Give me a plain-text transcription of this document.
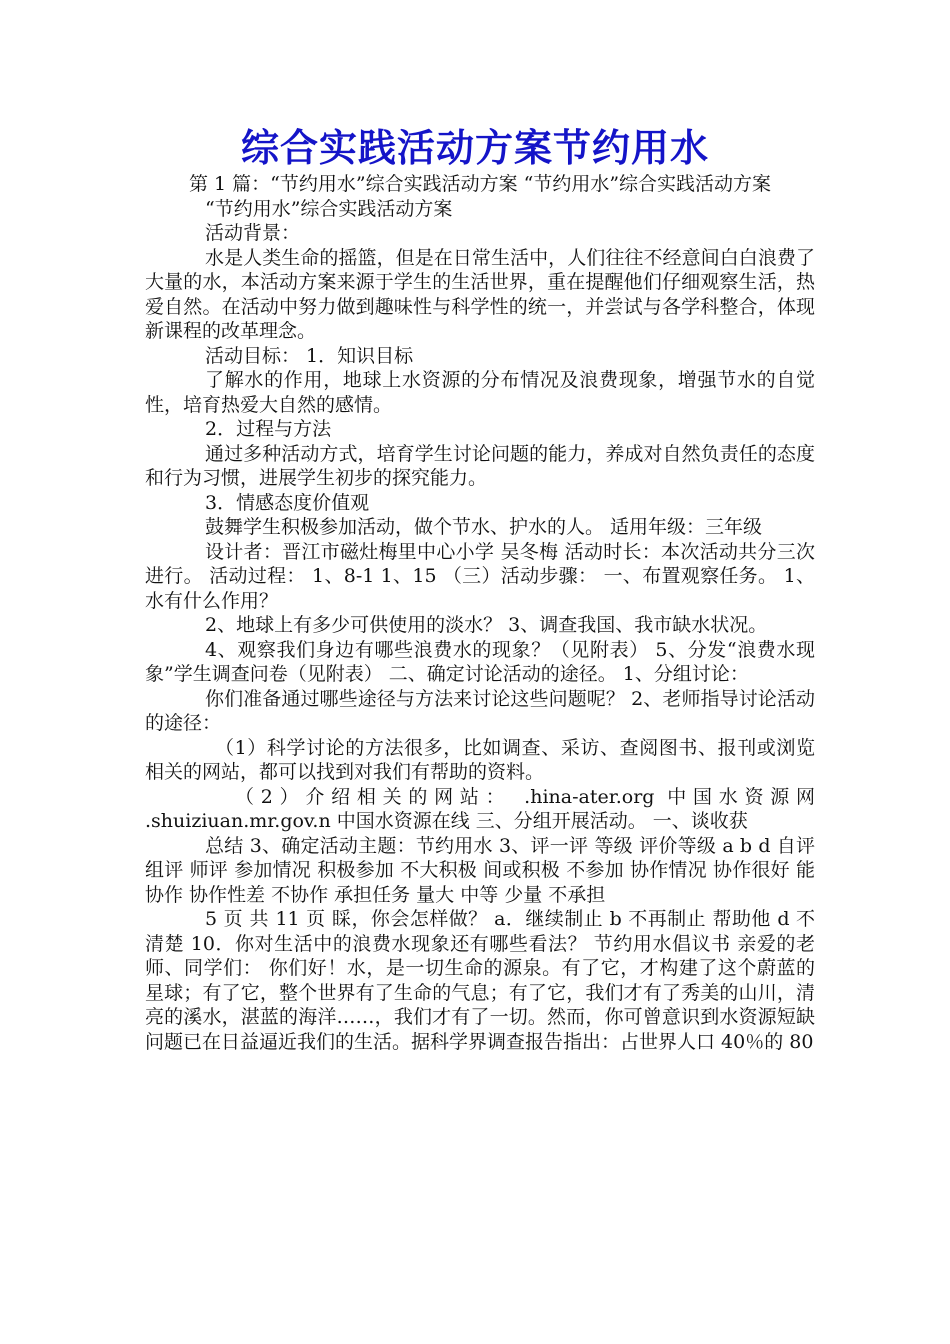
综合实践活动方案节约用水

第 1 篇：“节约用水”综合实践活动方案 “节约用水”综合实践活动方案

“节约用水”综合实践活动方案

活动背景：

水是人类生命的摇篮，但是在日常生活中，人们往往不经意间白白浪费了大量的水，本活动方案来源于学生的生活世界，重在提醒他们仔细观察生活，热爱自然。在活动中努力做到趣味性与科学性的统一，并尝试与各学科整合，体现新课程的改革理念。

活动目标： 1．知识目标

了解水的作用，地球上水资源的分布情况及浪费现象，增强节水的自觉性，培育热爱大自然的感情。

2．过程与方法

通过多种活动方式，培育学生讨论问题的能力，养成对自然负责任的态度和行为习惯，进展学生初步的探究能力。

3．情感态度价值观

鼓舞学生积极参加活动，做个节水、护水的人。 适用年级：三年级

设计者：晋江市磁灶梅里中心小学 吴冬梅 活动时长：本次活动共分三次进行。 活动过程： 1、8-1 1、15 （三）活动步骤： 一、布置观察任务。 1、水有什么作用？

2、地球上有多少可供使用的淡水？ 3、调查我国、我市缺水状况。

4、观察我们身边有哪些浪费水的现象？（见附表） 5、分发“浪费水现象”学生调查问卷（见附表） 二、确定讨论活动的途径。 1、分组讨论：

你们准备通过哪些途径与方法来讨论这些问题呢？ 2、老师指导讨论活动的途径：

（1）科学讨论的方法很多，比如调查、采访、查阅图书、报刊或浏览相关的网站，都可以找到对我们有帮助的资料。

（2）介绍相关的网站： .hina-ater.org 中国水资源网 .shuiziuan.mr.gov.n 中国水资源在线 三、分组开展活动。 一、谈收获

总结 3、确定活动主题：节约用水 3、评一评 等级 评价等级 a b d 自评 组评 师评 参加情况 积极参加 不大积极 间或积极 不参加 协作情况 协作很好 能协作 协作性差 不协作 承担任务 量大 中等 少量 不承担

5 页 共 11 页 睬，你会怎样做？ a．继续制止 b 不再制止 帮助他 d 不清楚 10．你对生活中的浪费水现象还有哪些看法？ 节约用水倡议书 亲爱的老师、同学们： 你们好！水，是一切生命的源泉。有了它，才构建了这个蔚蓝的星球；有了它，整个世界有了生命的气息；有了它，我们才有了秀美的山川，清亮的溪水，湛蓝的海洋……，我们才有了一切。然而，你可曾意识到水资源短缺问题已在日益逼近我们的生活。据科学界调查报告指出：占世界人口 40％的 80
